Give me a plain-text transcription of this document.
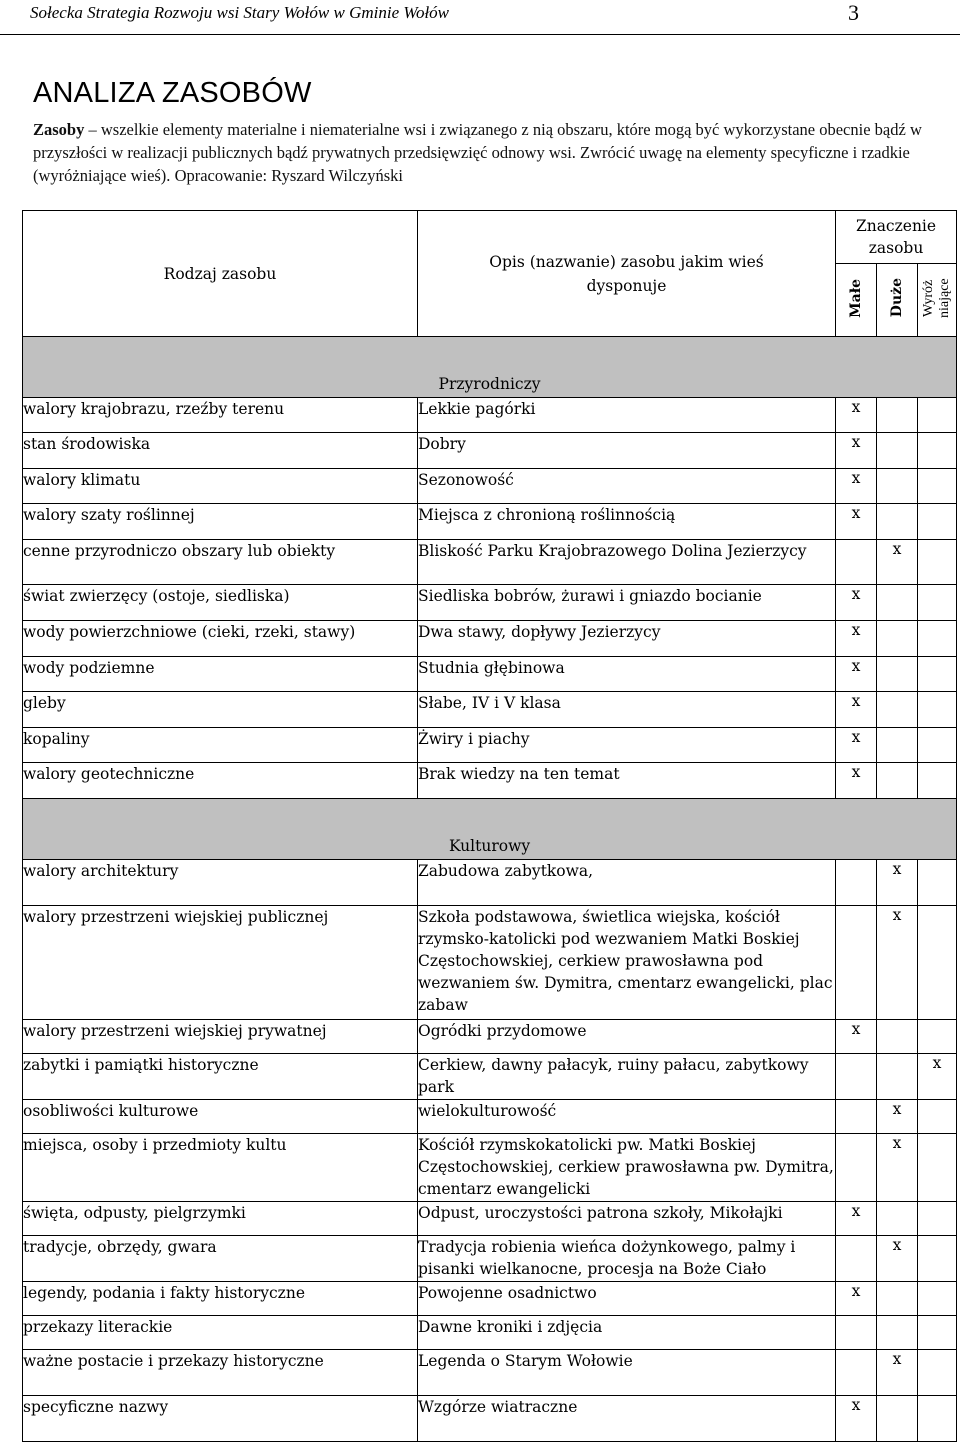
Sołecka Strategia Rozwoju wsi Stary Wołów w Gminie Wołów	3
ANALIZA ZASOBÓW

Zasoby – wszelkie elementy materialne i niematerialne wsi i związanego z nią obszaru, które mogą być wykorzystane obecnie bądź w przyszłości w realizacji publicznych bądź prywatnych przedsięwzięć odnowy wsi. Zwrócić uwagę na elementy specyficzne i rzadkie (wyróżniające wieś). Opracowanie: Ryszard Wilczyński

Rodzaj zasobu	Opis (nazwanie) zasobu jakim wieś dysponuje	Znaczenie zasobu		
		Małe	Duże	Wyróż niające
Przyrodniczy				
walory krajobrazu, rzeźby terenu	Lekkie pagórki	x		
stan środowiska	Dobry	x		
walory klimatu	Sezonowość	x		
walory szaty roślinnej	Miejsca z chronioną roślinnością	x		
cenne przyrodniczo obszary lub obiekty	Bliskość Parku Krajobrazowego Dolina Jezierzycy		x	
świat zwierzęcy (ostoje, siedliska)	Siedliska bobrów, żurawi i gniazdo bocianie	x		
wody powierzchniowe (cieki, rzeki, stawy)	Dwa stawy, dopływy Jezierzycy	x		
wody podziemne	Studnia głębinowa	x		
gleby	Słabe, IV i V klasa	x		
kopaliny	Żwiry i piachy	x		
walory geotechniczne	Brak wiedzy na ten temat	x		
Kulturowy				
walory architektury	Zabudowa zabytkowa,		x	
walory przestrzeni wiejskiej publicznej	Szkoła podstawowa, świetlica wiejska, kościół rzymsko-katolicki pod wezwaniem Matki Boskiej Częstochowskiej, cerkiew prawosławna pod wezwaniem św. Dymitra, cmentarz ewangelicki, plac zabaw		x	
walory przestrzeni wiejskiej prywatnej	Ogródki przydomowe	x		
zabytki i pamiątki historyczne	Cerkiew, dawny pałacyk, ruiny pałacu, zabytkowy park			x
osobliwości kulturowe	wielokulturowość		x	
miejsca, osoby i przedmioty kultu	Kościół rzymskokatolicki pw. Matki Boskiej Częstochowskiej, cerkiew prawosławna pw. Dymitra, cmentarz ewangelicki		x	
święta, odpusty, pielgrzymki	Odpust, uroczystości patrona szkoły, Mikołajki	x		
tradycje, obrzędy, gwara	Tradycja robienia wieńca dożynkowego, palmy i pisanki wielkanocne, procesja na Boże Ciało		x	
legendy, podania i fakty historyczne	Powojenne osadnictwo	x		
przekazy literackie	Dawne kroniki i zdjęcia			
ważne postacie i przekazy historyczne	Legenda o Starym Wołowie		x	
specyficzne nazwy	Wzgórze wiatraczne	x		
